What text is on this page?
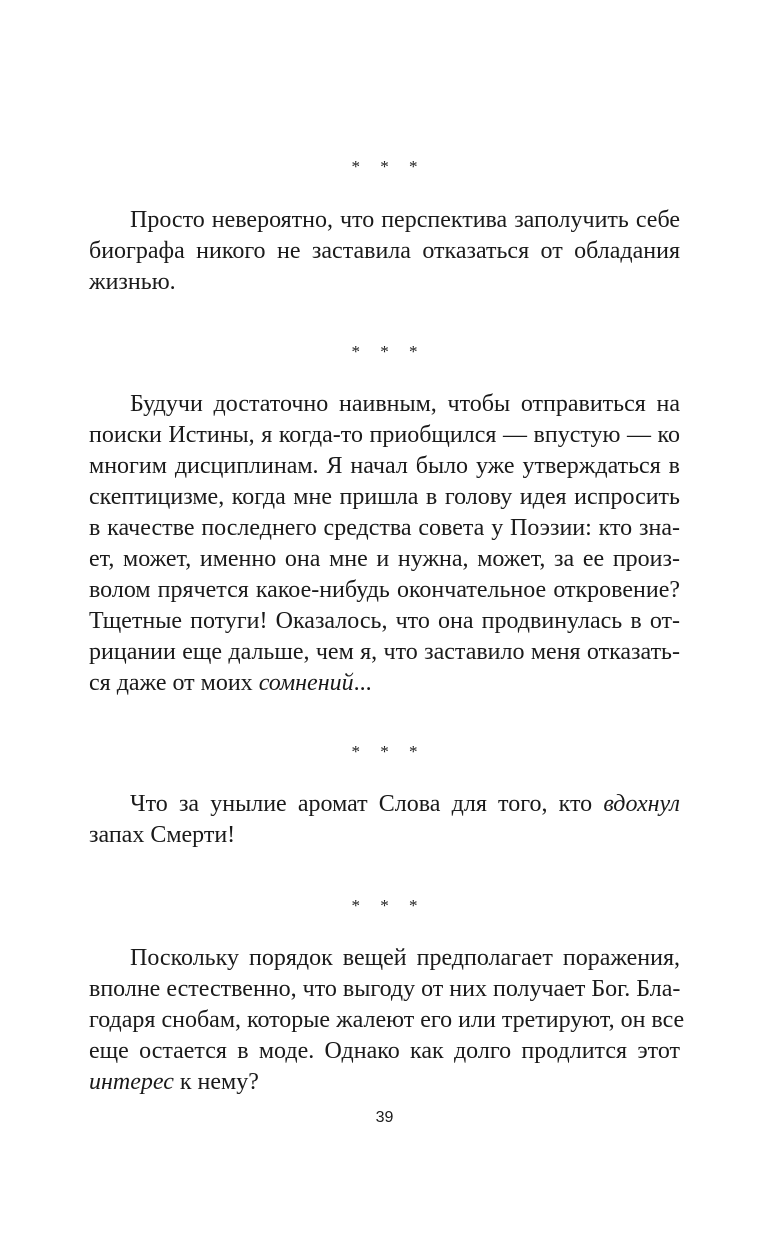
* * *
Просто невероятно, что перспектива заполучить себе
биографа никого не заставила отказаться от обладания
жизнью.
* * *
Будучи достаточно наивным, чтобы отправиться на
поиски Истины, я когда-то приобщился — впустую — ко
многим дисциплинам. Я начал было уже утверждаться в
скептицизме, когда мне пришла в голову идея испросить
в качестве последнего средства совета у Поэзии: кто зна-
ет, может, именно она мне и нужна, может, за ее произ-
волом прячется какое-нибудь окончательное откровение?
Тщетные потуги! Оказалось, что она продвинулась в от-
рицании еще дальше, чем я, что заставило меня отказать-
ся даже от моих сомнений...
* * *
Что за унылие аромат Слова для того, кто вдохнул
запах Смерти!
* * *
Поскольку порядок вещей предполагает поражения,
вполне естественно, что выгоду от них получает Бог. Бла-
годаря снобам, которые жалеют его или третируют, он все
еще остается в моде. Однако как долго продлится этот
интерес к нему?
39
